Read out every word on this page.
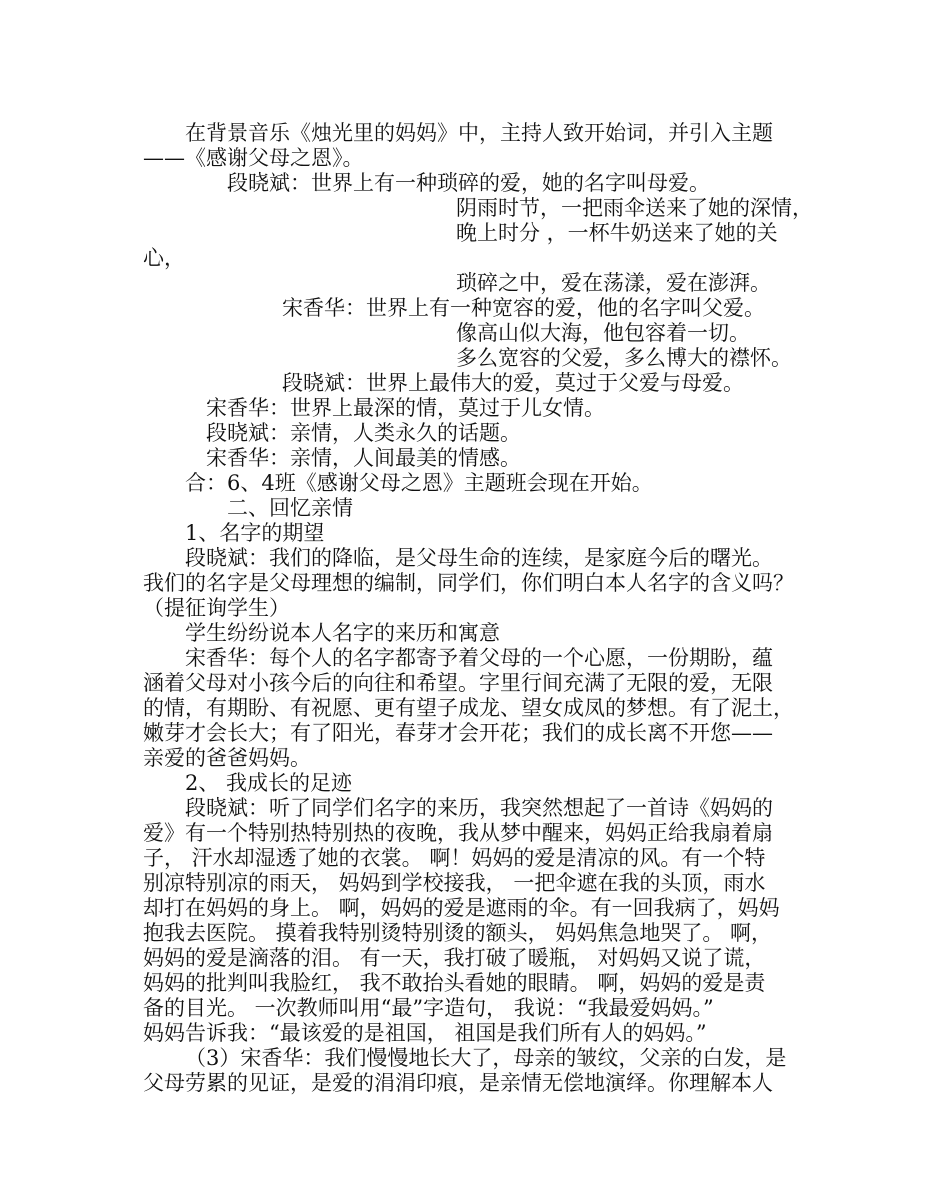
在背景音乐《烛光里的妈妈》中，主持人致开始词，并引入主题
——《感谢父母之恩》。
段晓斌：世界上有一种琐碎的爱，她的名字叫母爱。
阴雨时节，一把雨伞送来了她的深情，
晚上时分 ，一杯牛奶送来了她的关
心，
琐碎之中，爱在荡漾，爱在澎湃。
宋香华：世界上有一种宽容的爱，他的名字叫父爱。
像高山似大海，他包容着一切。
多么宽容的父爱，多么博大的襟怀。
段晓斌：世界上最伟大的爱，莫过于父爱与母爱。
宋香华：世界上最深的情，莫过于儿女情。
段晓斌：亲情，人类永久的话题。
宋香华：亲情，人间最美的情感。
合：6、4班《感谢父母之恩》主题班会现在开始。
二、回忆亲情
1、名字的期望
段晓斌：我们的降临，是父母生命的连续，是家庭今后的曙光。
我们的名字是父母理想的编制，同学们，你们明白本人名字的含义吗？
（提征询学生）
学生纷纷说本人名字的来历和寓意
宋香华：每个人的名字都寄予着父母的一个心愿，一份期盼，蕴
涵着父母对小孩今后的向往和希望。字里行间充满了无限的爱，无限
的情，有期盼、有祝愿、更有望子成龙、望女成凤的梦想。有了泥土，
嫩芽才会长大；有了阳光，春芽才会开花；我们的成长离不开您——
亲爱的爸爸妈妈。
2、 我成长的足迹
段晓斌：听了同学们名字的来历，我突然想起了一首诗《妈妈的
爱》有一个特别热特别热的夜晚，我从梦中醒来，妈妈正给我扇着扇
子， 汗水却湿透了她的衣裳。 啊！妈妈的爱是清凉的风。有一个特
别凉特别凉的雨天， 妈妈到学校接我， 一把伞遮在我的头顶，雨水
却打在妈妈的身上。 啊，妈妈的爱是遮雨的伞。有一回我病了，妈妈
抱我去医院。 摸着我特别烫特别烫的额头， 妈妈焦急地哭了。 啊，
妈妈的爱是滴落的泪。 有一天，我打破了暖瓶， 对妈妈又说了谎，
妈妈的批判叫我脸红， 我不敢抬头看她的眼睛。 啊，妈妈的爱是责
备的目光。 一次教师叫用“最”字造句， 我说：“我最爱妈妈。”
妈妈告诉我：“最该爱的是祖国， 祖国是我们所有人的妈妈。”
（3）宋香华：我们慢慢地长大了，母亲的皱纹，父亲的白发，是
父母劳累的见证，是爱的涓涓印痕，是亲情无偿地演绎。你理解本人
